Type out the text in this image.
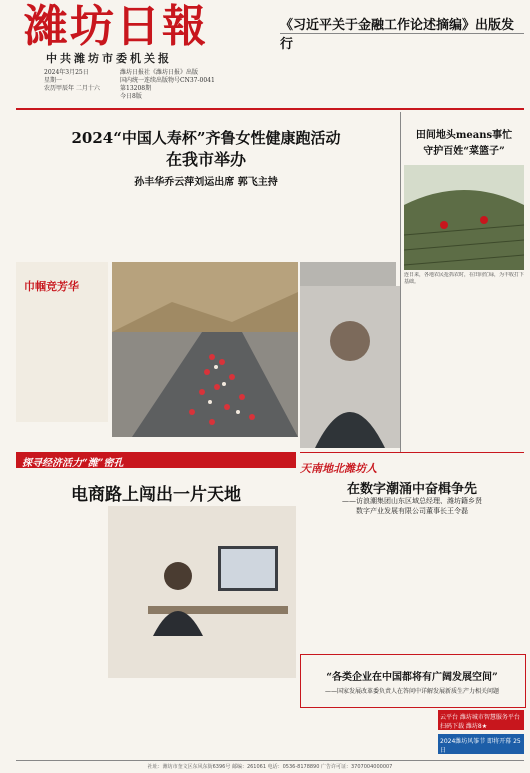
濰坊日報
中共潍坊市委机关报
2024年3月25日
星期一
农历甲辰年 二月十六
潍坊日报社《潍坊日报》出版
国内统一连续出版物号CN37-0041
第13208期
今日8版
《习近平关于金融工作论述摘编》出版发行
2024“中国人寿杯”齐鲁女性健康跑活动
在我市举办
孙丰华乔云萍刘运出席 郭飞主持
巾帼竞芳华
田间地头means事忙
守护百姓“菜篮子”
连日来，各地农民抢抓农时，在田间忙碌，为丰收打下基础。
天南地北潍坊人
在数字潮涌中奋楫争先
——访浪潮集团山东区域总经理、潍坊籍乡贤
数字产业发展有限公司董事长王令磊
探寻经济活力“潍”密孔
电商路上闯出一片天地
“各类企业在中国都将有广阔发展空间”
——国家发展改革委负责人在答问中详解发展新质生产力相关问题
云平台 潍坊城市智慧服务平台 扫码下载 潍坊8★
2024潍坊风筝节 即将开幕 25日
社址：潍坊市奎文区东风东街6396号 邮编：261061 电话：0536-8178890 广告许可证：3707004000007
